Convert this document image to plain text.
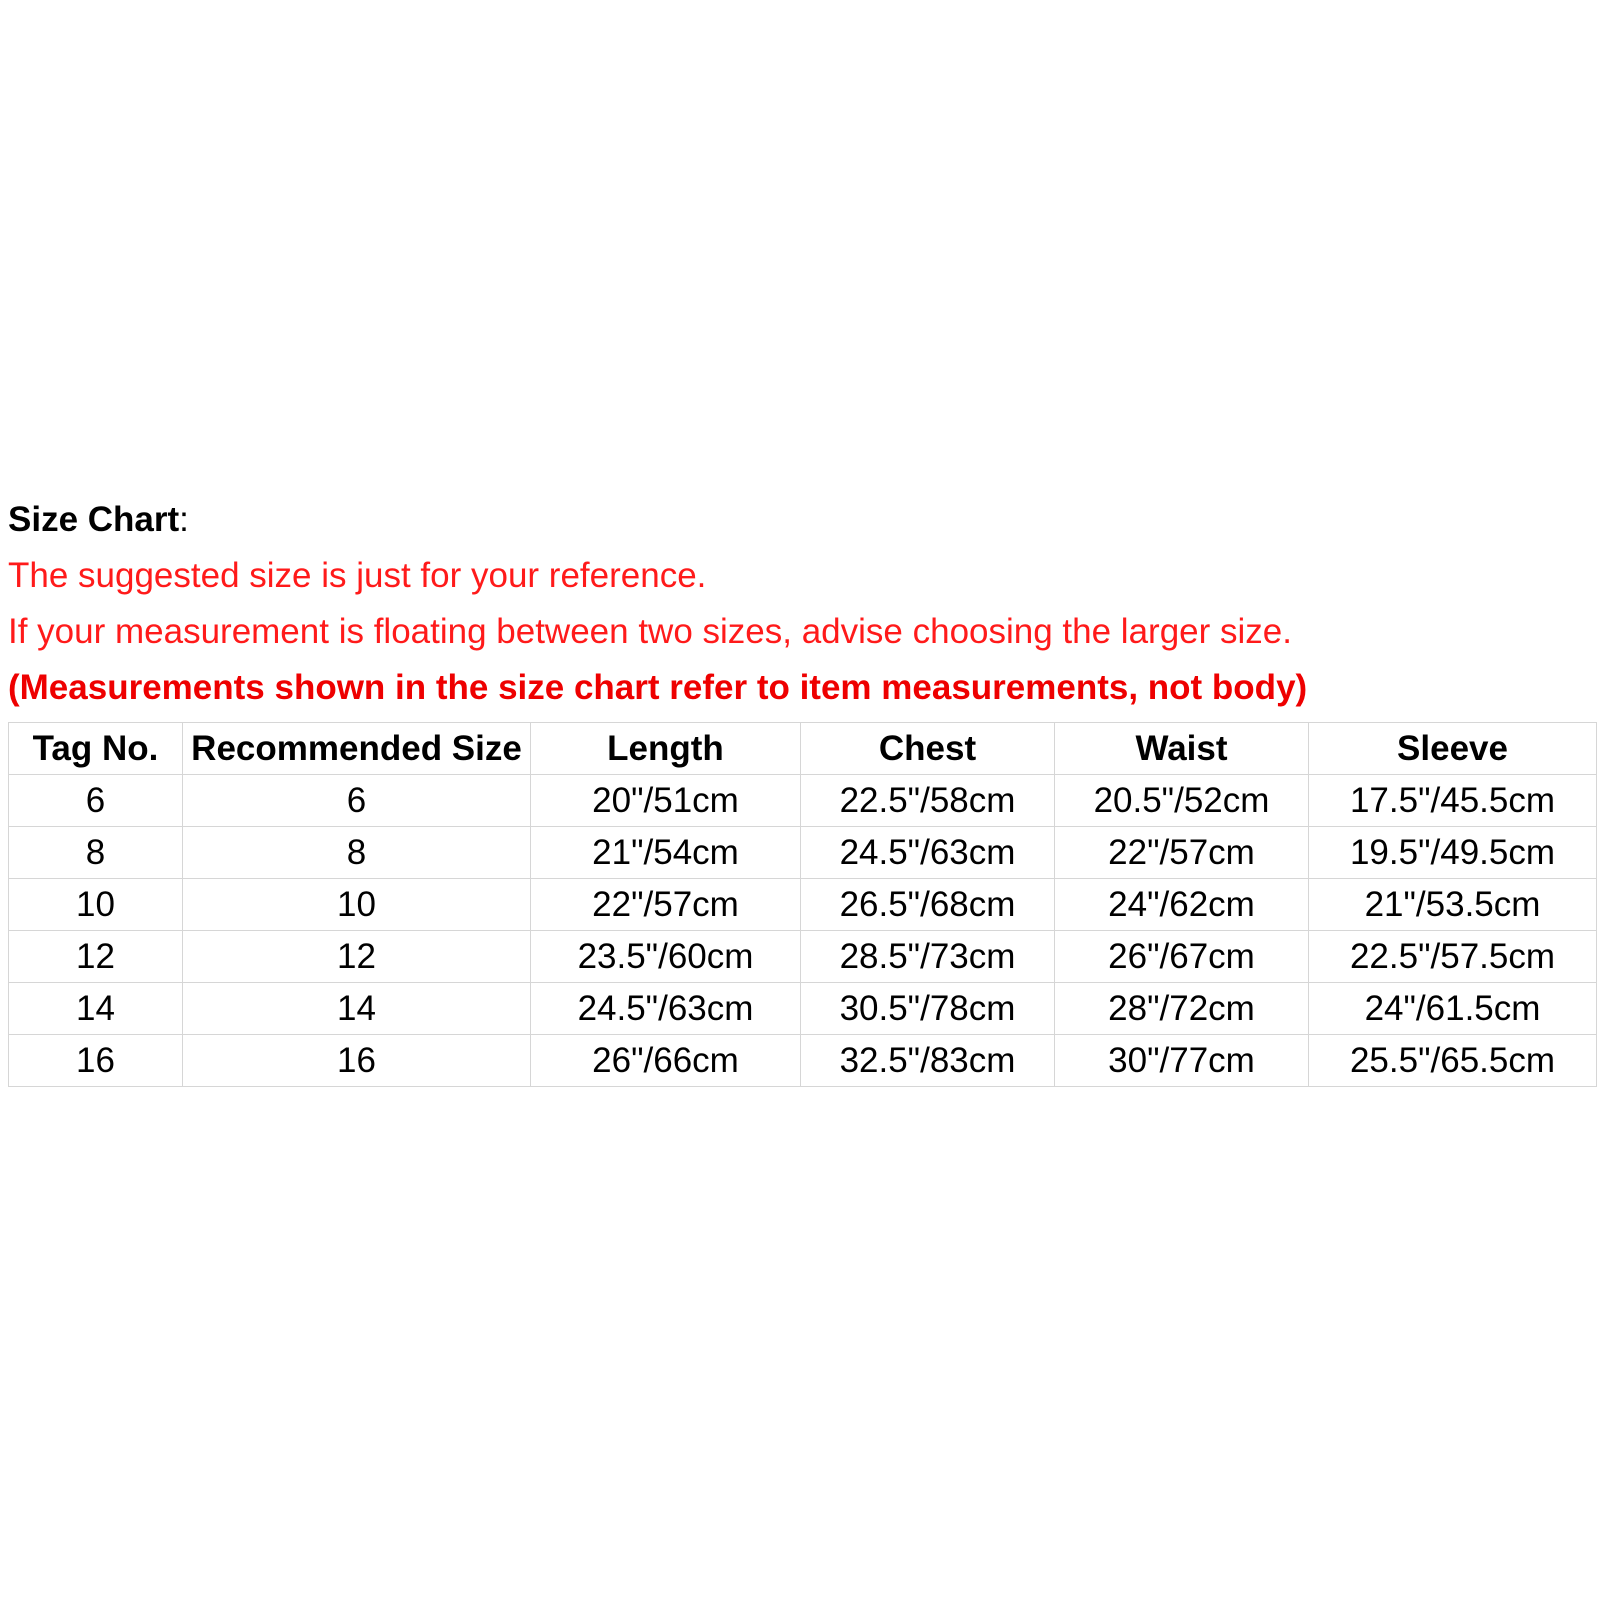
Size Chart:
The suggested size is just for your reference.
If your measurement is floating between two sizes, advise choosing the larger size.
(Measurements shown in the size chart refer to item measurements, not body)
Tag No.	Recommended Size	Length	Chest	Waist	Sleeve
6	6	20"/51cm	22.5"/58cm	20.5"/52cm	17.5"/45.5cm
8	8	21"/54cm	24.5"/63cm	22"/57cm	19.5"/49.5cm
10	10	22"/57cm	26.5"/68cm	24"/62cm	21"/53.5cm
12	12	23.5"/60cm	28.5"/73cm	26"/67cm	22.5"/57.5cm
14	14	24.5"/63cm	30.5"/78cm	28"/72cm	24"/61.5cm
16	16	26"/66cm	32.5"/83cm	30"/77cm	25.5"/65.5cm
